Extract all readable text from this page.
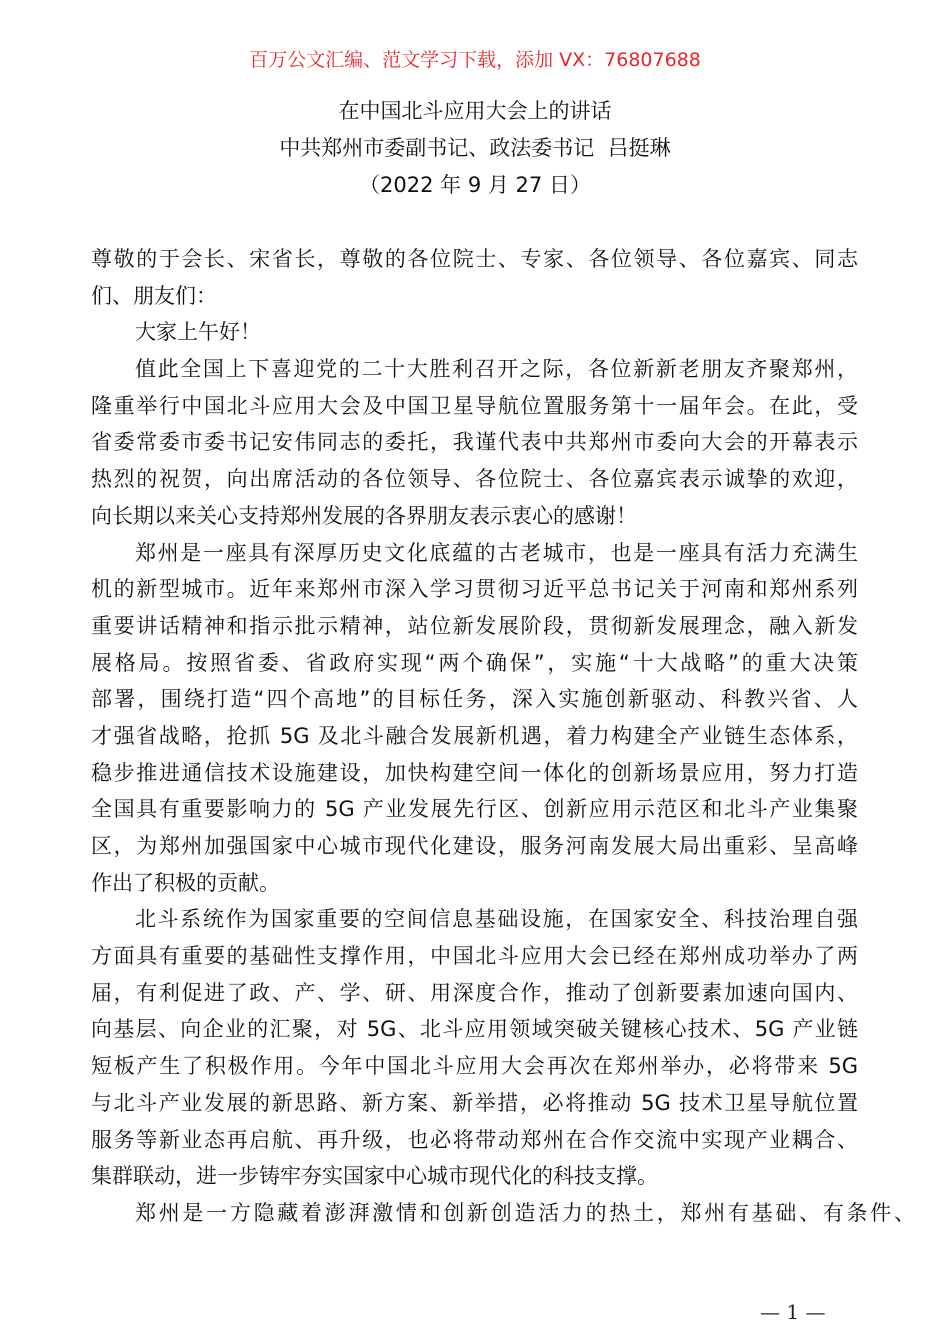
百万公文汇编、范文学习下载，添加 VX：76807688
在中国北斗应用大会上的讲话
中共郑州市委副书记、政法委书记  吕挺琳
（2022 年 9 月 27 日）
尊敬的于会长、宋省长，尊敬的各位院士、专家、各位领导、各位嘉宾、同志
们、朋友们：
大家上午好！
值此全国上下喜迎党的二十大胜利召开之际，各位新新老朋友齐聚郑州，
隆重举行中国北斗应用大会及中国卫星导航位置服务第十一届年会。在此，受
省委常委市委书记安伟同志的委托，我谨代表中共郑州市委向大会的开幕表示
热烈的祝贺，向出席活动的各位领导、各位院士、各位嘉宾表示诚挚的欢迎，
向长期以来关心支持郑州发展的各界朋友表示衷心的感谢！
郑州是一座具有深厚历史文化底蕴的古老城市，也是一座具有活力充满生
机的新型城市。近年来郑州市深入学习贯彻习近平总书记关于河南和郑州系列
重要讲话精神和指示批示精神，站位新发展阶段，贯彻新发展理念，融入新发
展格局。按照省委、省政府实现“两个确保”，实施“十大战略”的重大决策
部署，围绕打造“四个高地”的目标任务，深入实施创新驱动、科教兴省、人
才强省战略，抢抓 5G 及北斗融合发展新机遇，着力构建全产业链生态体系，
稳步推进通信技术设施建设，加快构建空间一体化的创新场景应用，努力打造
全国具有重要影响力的 5G 产业发展先行区、创新应用示范区和北斗产业集聚
区，为郑州加强国家中心城市现代化建设，服务河南发展大局出重彩、呈高峰
作出了积极的贡献。
北斗系统作为国家重要的空间信息基础设施，在国家安全、科技治理自强
方面具有重要的基础性支撑作用，中国北斗应用大会已经在郑州成功举办了两
届，有利促进了政、产、学、研、用深度合作，推动了创新要素加速向国内、
向基层、向企业的汇聚，对 5G、北斗应用领域突破关键核心技术、5G 产业链
短板产生了积极作用。今年中国北斗应用大会再次在郑州举办，必将带来 5G
与北斗产业发展的新思路、新方案、新举措，必将推动 5G 技术卫星导航位置
服务等新业态再启航、再升级，也必将带动郑州在合作交流中实现产业耦合、
集群联动，进一步铸牢夯实国家中心城市现代化的科技支撑。
郑州是一方隐藏着澎湃激情和创新创造活力的热土，郑州有基础、有条件、
— 1 —
